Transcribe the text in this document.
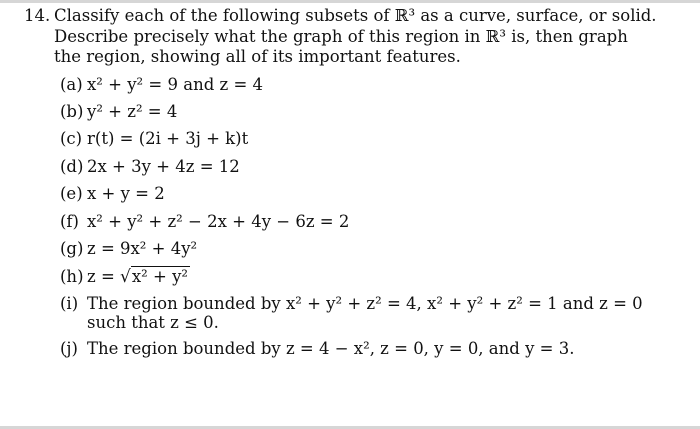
14. Classify each of the following subsets of ℝ³ as a curve, surface, or solid. Describe precisely what the graph of this region in ℝ³ is, then graph the region, showing all of its important features.
(a) x² + y² = 9 and z = 4
(b) y² + z² = 4
(c) r(t) = (2i + 3j + k)t
(d) 2x + 3y + 4z = 12
(e) x + y = 2
(f) x² + y² + z² − 2x + 4y − 6z = 2
(g) z = 9x² + 4y²
(h) z = √x² + y²
(i) The region bounded by x² + y² + z² = 4, x² + y² + z² = 1 and z = 0 such that z ≤ 0.
(j) The region bounded by z = 4 − x², z = 0, y = 0, and y = 3.
